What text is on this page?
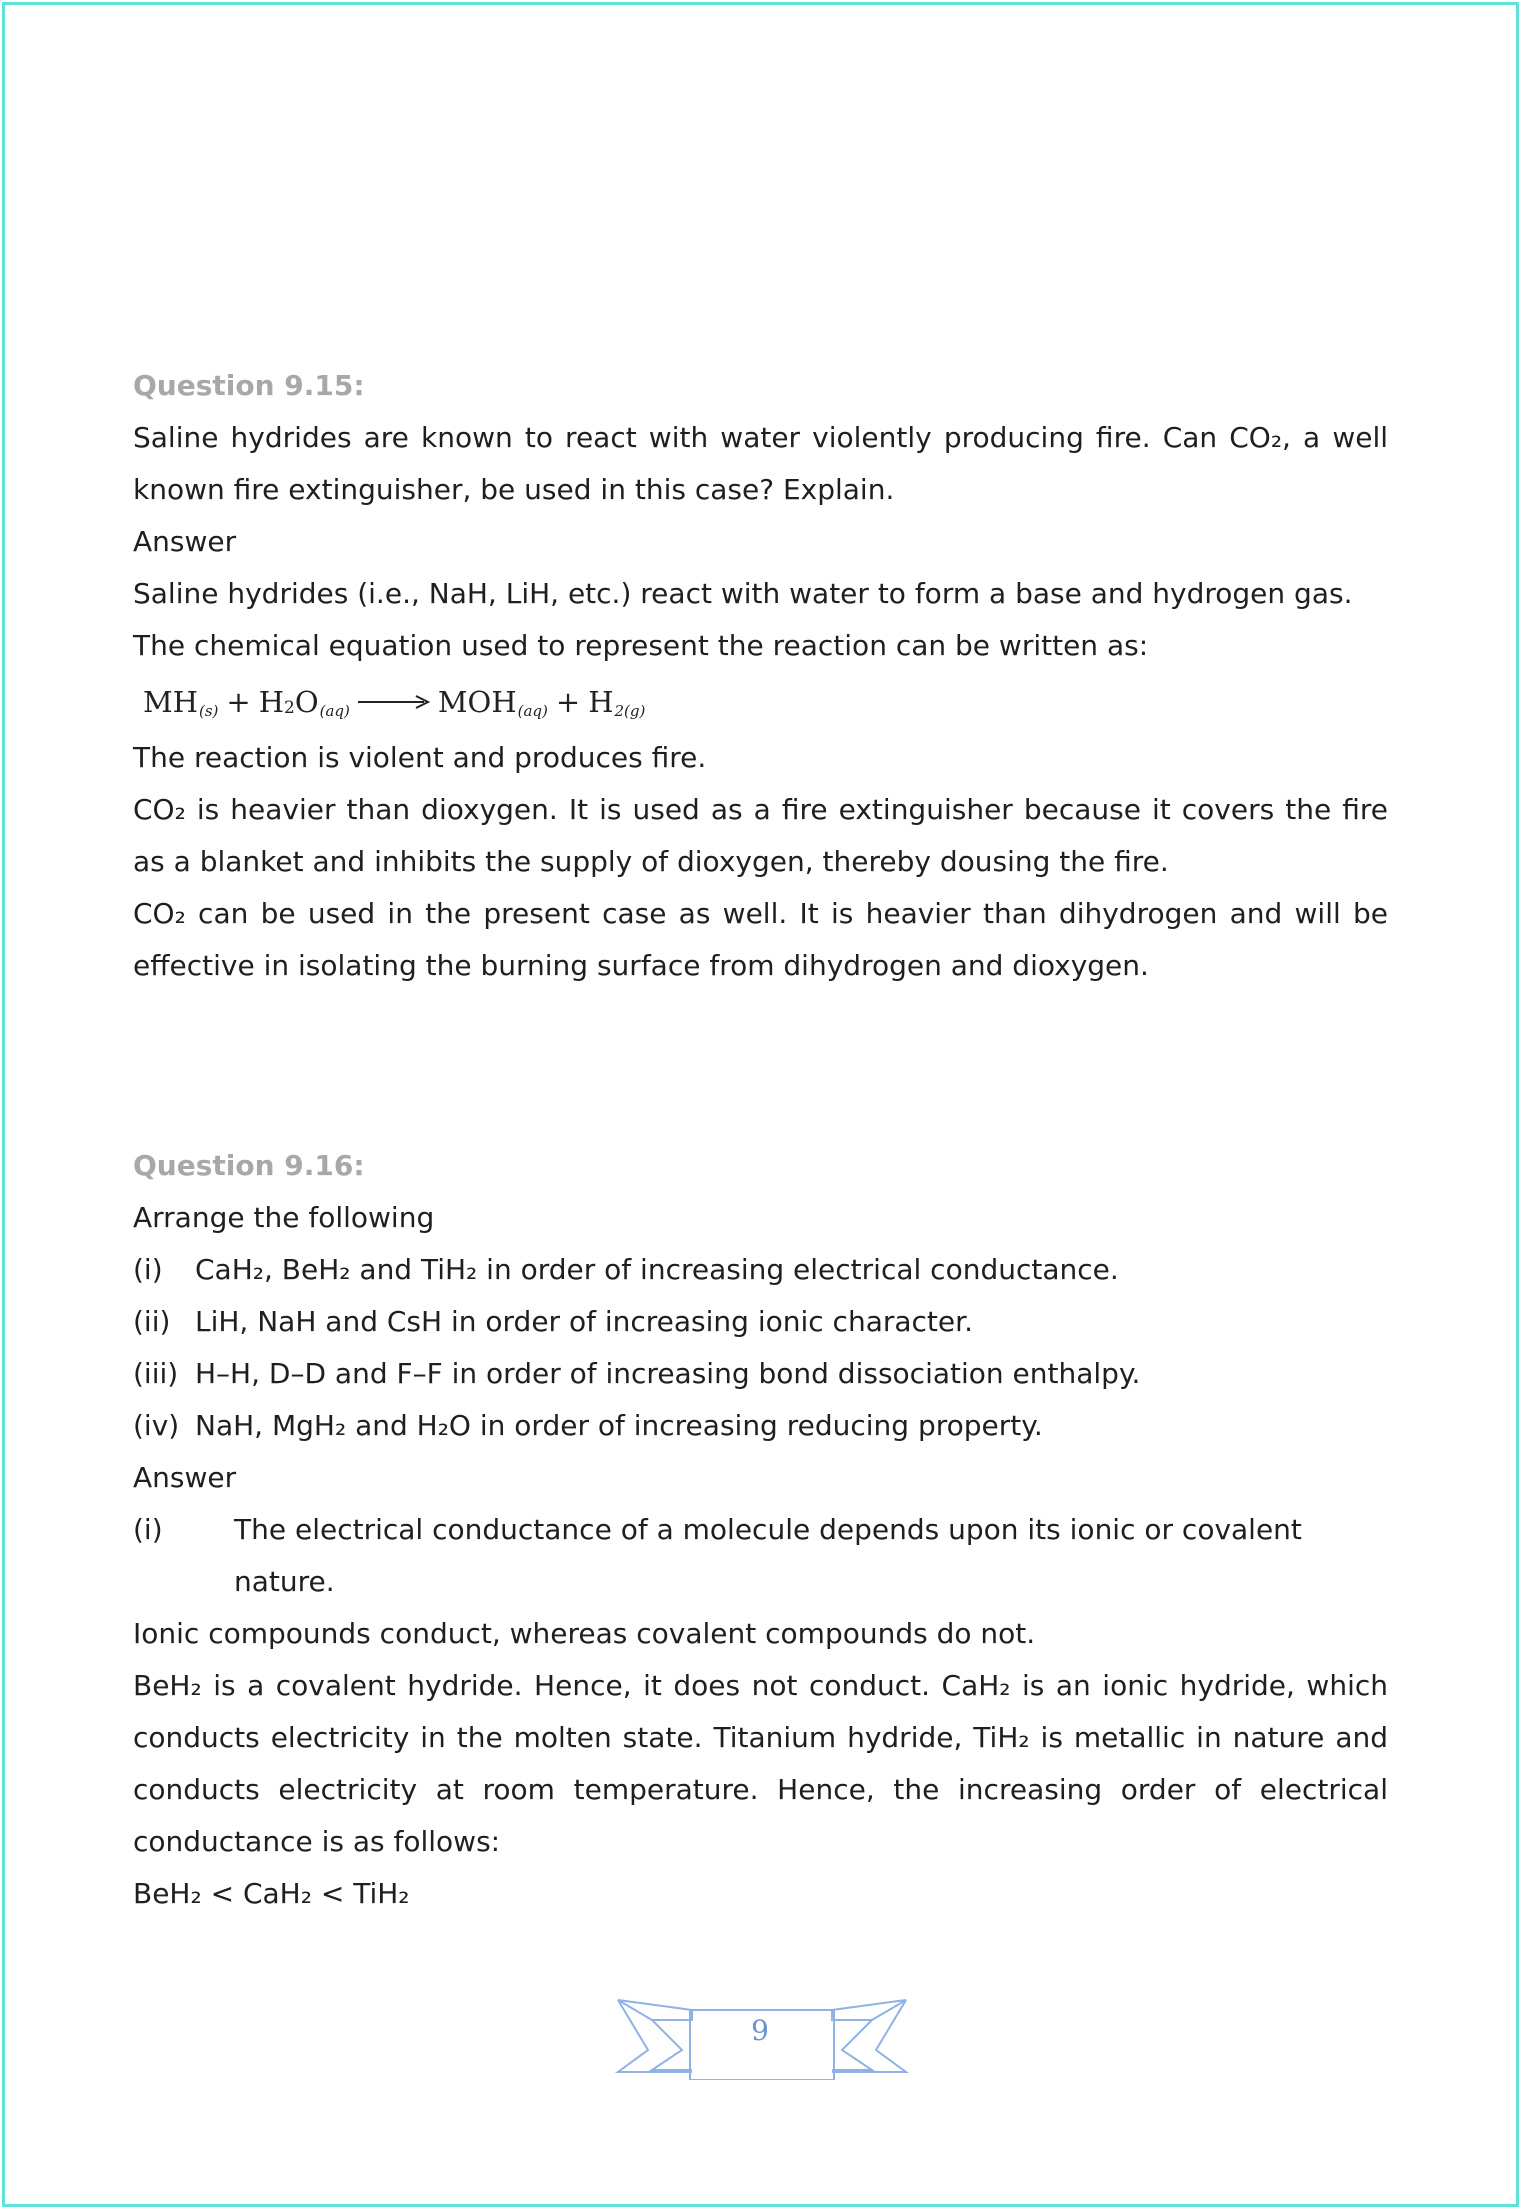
Question 9.15:
Saline hydrides are known to react with water violently producing fire. Can CO₂, a well known fire extinguisher, be used in this case? Explain.
Answer
Saline hydrides (i.e., NaH, LiH, etc.) react with water to form a base and hydrogen gas. The chemical equation used to represent the reaction can be written as:
MH (s) + H 2 O (aq) → MOH (aq) + H 2(g)
The reaction is violent and produces fire.
CO₂ is heavier than dioxygen. It is used as a fire extinguisher because it covers the fire as a blanket and inhibits the supply of dioxygen, thereby dousing the fire.
CO₂ can be used in the present case as well. It is heavier than dihydrogen and will be effective in isolating the burning surface from dihydrogen and dioxygen.
Question 9.16:
Arrange the following
(i)	CaH₂, BeH₂ and TiH₂ in order of increasing electrical conductance.
(ii) LiH, NaH and CsH in order of increasing ionic character.
(iii) H–H, D–D and F–F in order of increasing bond dissociation enthalpy.
(iv) NaH, MgH₂ and H₂O in order of increasing reducing property.
Answer
(i)	The electrical conductance of a molecule depends upon its ionic or covalent nature.
Ionic compounds conduct, whereas covalent compounds do not.
BeH₂ is a covalent hydride. Hence, it does not conduct. CaH₂ is an ionic hydride, which conducts electricity in the molten state. Titanium hydride, TiH₂ is metallic in nature and conducts electricity at room temperature. Hence, the increasing order of electrical conductance is as follows:
BeH₂ < CaH₂ < TiH₂
9
